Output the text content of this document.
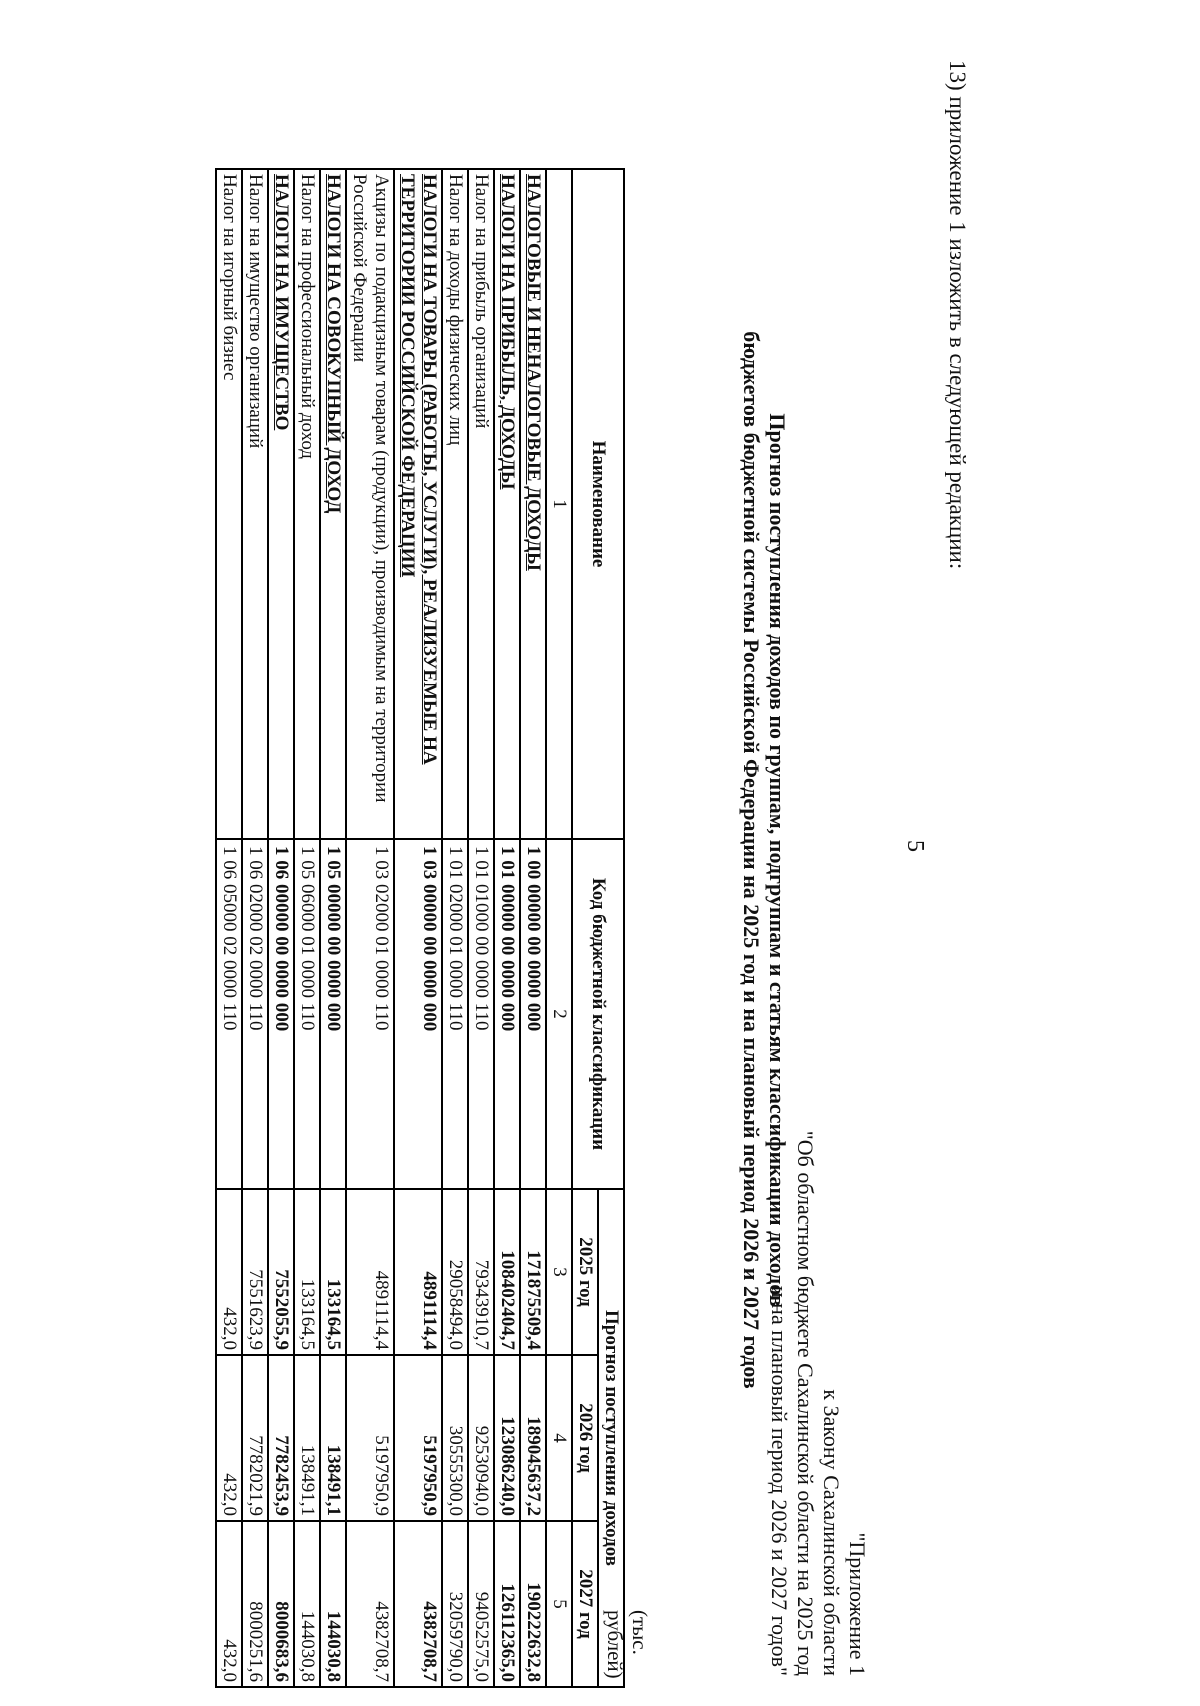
13) приложение 1 изложить в следующей редакции:
5
"Приложение 1
к Закону Сахалинской области
"Об областном бюджете Сахалинской области на 2025 год
и на плановый период 2026 и 2027 годов"
Прогноз поступления доходов по группам, подгруппам и статьям классификации доходов
бюджетов бюджетной системы Российской Федерации на 2025 год и на плановый период 2026 и 2027 годов
(тыс. рублей)
Наименование	Код бюджетной классификации	Прогноз поступления доходов		
		2025 год	2026 год	2027 год
1	2	3	4	5
НАЛОГОВЫЕ И НЕНАЛОГОВЫЕ ДОХОДЫ	1 00 00000 00 0000 000	171875509,4	189045637,2	190222632,8
НАЛОГИ НА ПРИБЫЛЬ, ДОХОДЫ	1 01 00000 00 0000 000	108402404,7	123086240,0	126112365,0
Налог на прибыль организаций	1 01 01000 00 0000 110	79343910,7	92530940,0	94052575,0
Налог на доходы физических лиц	1 01 02000 01 0000 110	29058494,0	30555300,0	32059790,0
НАЛОГИ НА ТОВАРЫ (РАБОТЫ, УСЛУГИ), РЕАЛИЗУЕМЫЕ НА ТЕРРИТОРИИ РОССИЙСКОЙ ФЕДЕРАЦИИ	1 03 00000 00 0000 000	4891114,4	5197950,9	4382708,7
Акцизы по подакцизным товарам (продукции), производимым на территории Российской Федерации	1 03 02000 01 0000 110	4891114,4	5197950,9	4382708,7
НАЛОГИ НА СОВОКУПНЫЙ ДОХОД	1 05 00000 00 0000 000	133164,5	138491,1	144030,8
Налог на профессиональный доход	1 05 06000 01 0000 110	133164,5	138491,1	144030,8
НАЛОГИ НА ИМУЩЕСТВО	1 06 00000 00 0000 000	7552055,9	7782453,9	8000683,6
Налог на имущество организаций	1 06 02000 02 0000 110	7551623,9	7782021,9	8000251,6
Налог на игорный бизнес	1 06 05000 02 0000 110	432,0	432,0	432,0
